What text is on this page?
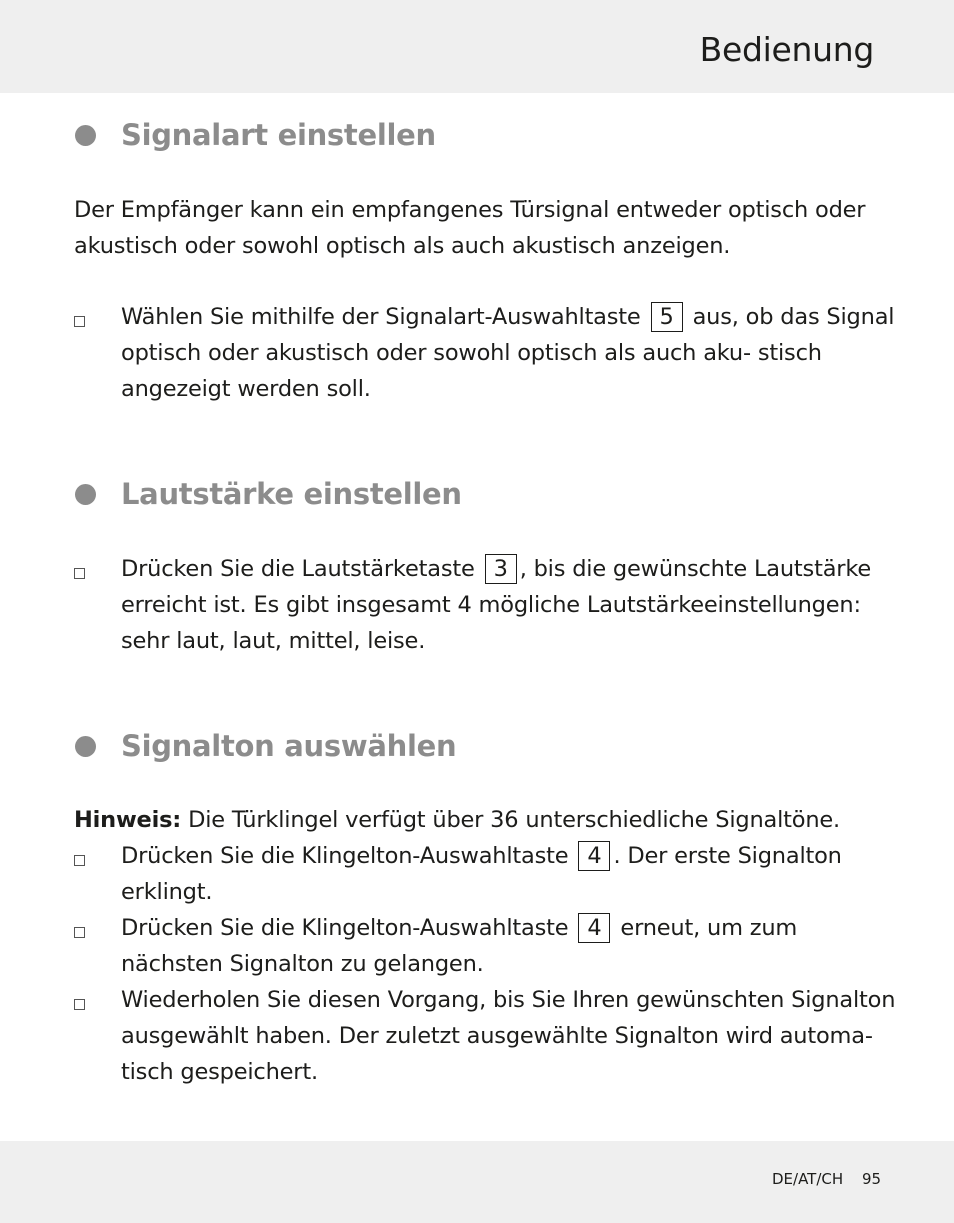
Bedienung
Signalart einstellen
Der Empfänger kann ein empfangenes Türsignal entweder optisch oder akustisch oder sowohl optisch als auch akustisch anzeigen.
Wählen Sie mithilfe der Signalart-Auswahltaste 5 aus, ob das Signal optisch oder akustisch oder sowohl optisch als auch aku- stisch angezeigt werden soll.
Lautstärke einstellen
Drücken Sie die Lautstärketaste 3 , bis die gewünschte Lautstärke erreicht ist. Es gibt insgesamt 4 mögliche Lautstärkeeinstellungen: sehr laut, laut, mittel, leise.
Signalton auswählen
Hinweis: Die Türklingel verfügt über 36 unterschiedliche Signaltöne.
Drücken Sie die Klingelton-Auswahltaste 4 . Der erste Signalton erklingt.
Drücken Sie die Klingelton-Auswahltaste 4 erneut, um zum nächsten Signalton zu gelangen.
Wiederholen Sie diesen Vorgang, bis Sie Ihren gewünschten Signalton ausgewählt haben. Der zuletzt ausgewählte Signalton wird automa- tisch gespeichert.
DE/AT/CH 95
